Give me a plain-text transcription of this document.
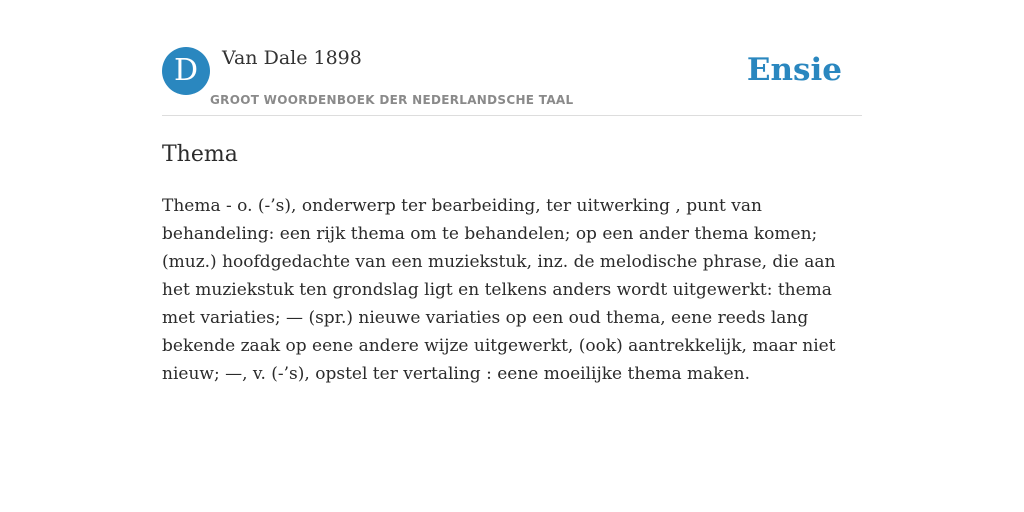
D	Van Dale 1898
GROOT WOORDENBOEK DER NEDERLANDSCHE TAAL
Ensie
Thema

Thema - o. (-’s), onderwerp ter bearbeiding, ter uitwerking , punt van behandeling: een rijk thema om te behandelen; op een ander thema komen; (muz.) hoofdgedachte van een muziekstuk, inz. de melodische phrase, die aan het muziekstuk ten grondslag ligt en telkens anders wordt uitgewerkt: thema met variaties; — (spr.) nieuwe variaties op een oud thema, eene reeds lang bekende zaak op eene andere wijze uitgewerkt, (ook) aantrekkelijk, maar niet nieuw; —, v. (-’s), opstel ter vertaling : eene moeilijke thema maken.
